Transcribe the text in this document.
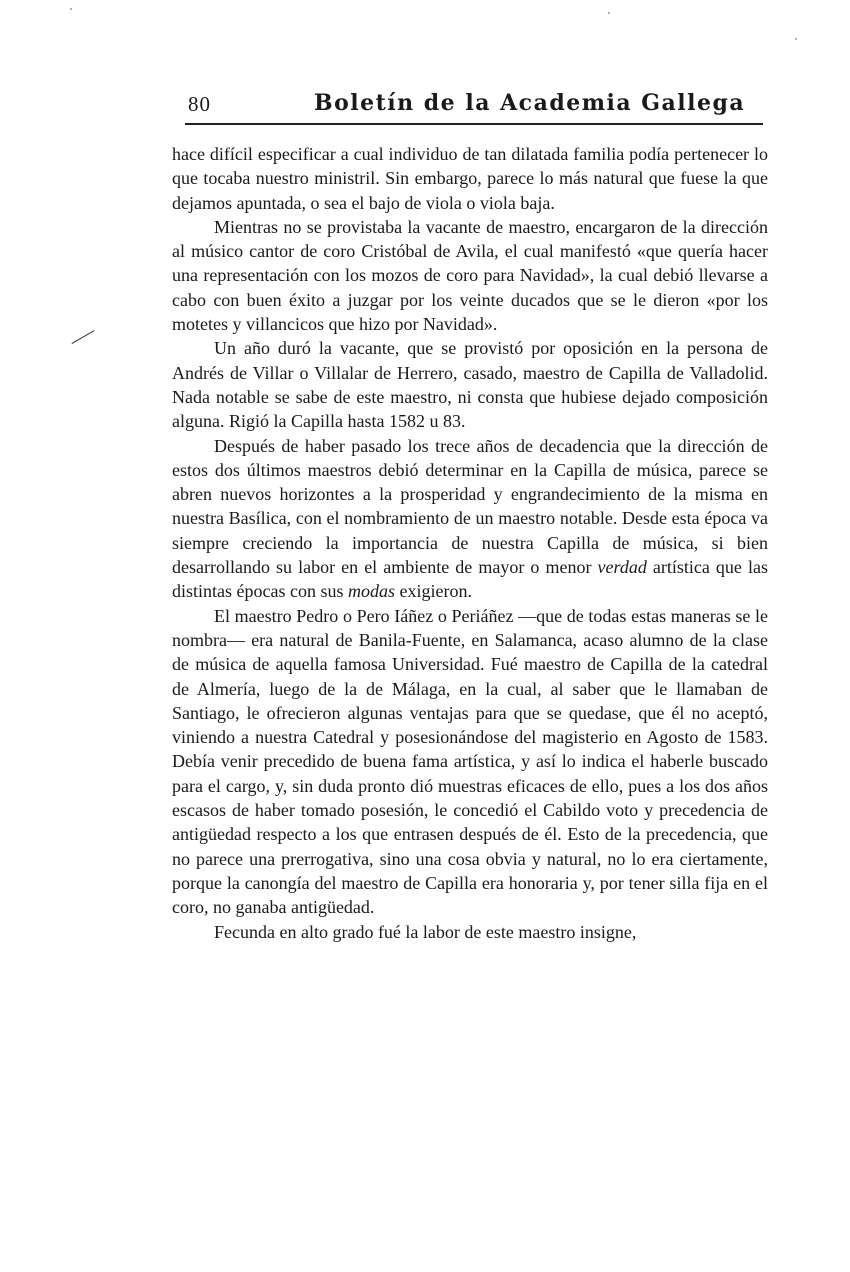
80	Boletín de la Academia Gallega

hace difícil especificar a cual individuo de tan dilatada familia podía pertenecer lo que tocaba nuestro ministril. Sin embargo, parece lo más natural que fuese la que dejamos apuntada, o sea el bajo de viola o viola baja.

Mientras no se provistaba la vacante de maestro, encargaron de la dirección al músico cantor de coro Cristóbal de Avila, el cual manifestó «que quería hacer una representación con los mozos de coro para Navidad», la cual debió llevarse a cabo con buen éxito a juzgar por los veinte ducados que se le dieron «por los motetes y villancicos que hizo por Navidad».

Un año duró la vacante, que se provistó por oposición en la persona de Andrés de Villar o Villalar de Herrero, casado, maestro de Capilla de Valladolid. Nada notable se sabe de este maestro, ni consta que hubiese dejado composición alguna. Rigió la Capilla hasta 1582 u 83.

Después de haber pasado los trece años de decadencia que la dirección de estos dos últimos maestros debió determinar en la Capilla de música, parece se abren nuevos horizontes a la prosperidad y engrandecimiento de la misma en nuestra Basílica, con el nombramiento de un maestro notable. Desde esta época va siempre creciendo la importancia de nuestra Capilla de música, si bien desarrollando su labor en el ambiente de mayor o menor verdad artística que las distintas épocas con sus modas exigieron.

El maestro Pedro o Pero Iáñez o Periáñez —que de todas estas maneras se le nombra— era natural de Banila-Fuente, en Salamanca, acaso alumno de la clase de música de aquella famosa Universidad. Fué maestro de Capilla de la catedral de Almería, luego de la de Málaga, en la cual, al saber que le llamaban de Santiago, le ofrecieron algunas ventajas para que se quedase, que él no aceptó, viniendo a nuestra Catedral y posesionándose del magisterio en Agosto de 1583. Debía venir precedido de buena fama artística, y así lo indica el haberle buscado para el cargo, y, sin duda pronto dió muestras eficaces de ello, pues a los dos años escasos de haber tomado posesión, le concedió el Cabildo voto y precedencia de antigüedad respecto a los que entrasen después de él. Esto de la precedencia, que no parece una prerrogativa, sino una cosa obvia y natural, no lo era ciertamente, porque la canongía del maestro de Capilla era honoraria y, por tener silla fija en el coro, no ganaba antigüedad.

Fecunda en alto grado fué la labor de este maestro insigne,
